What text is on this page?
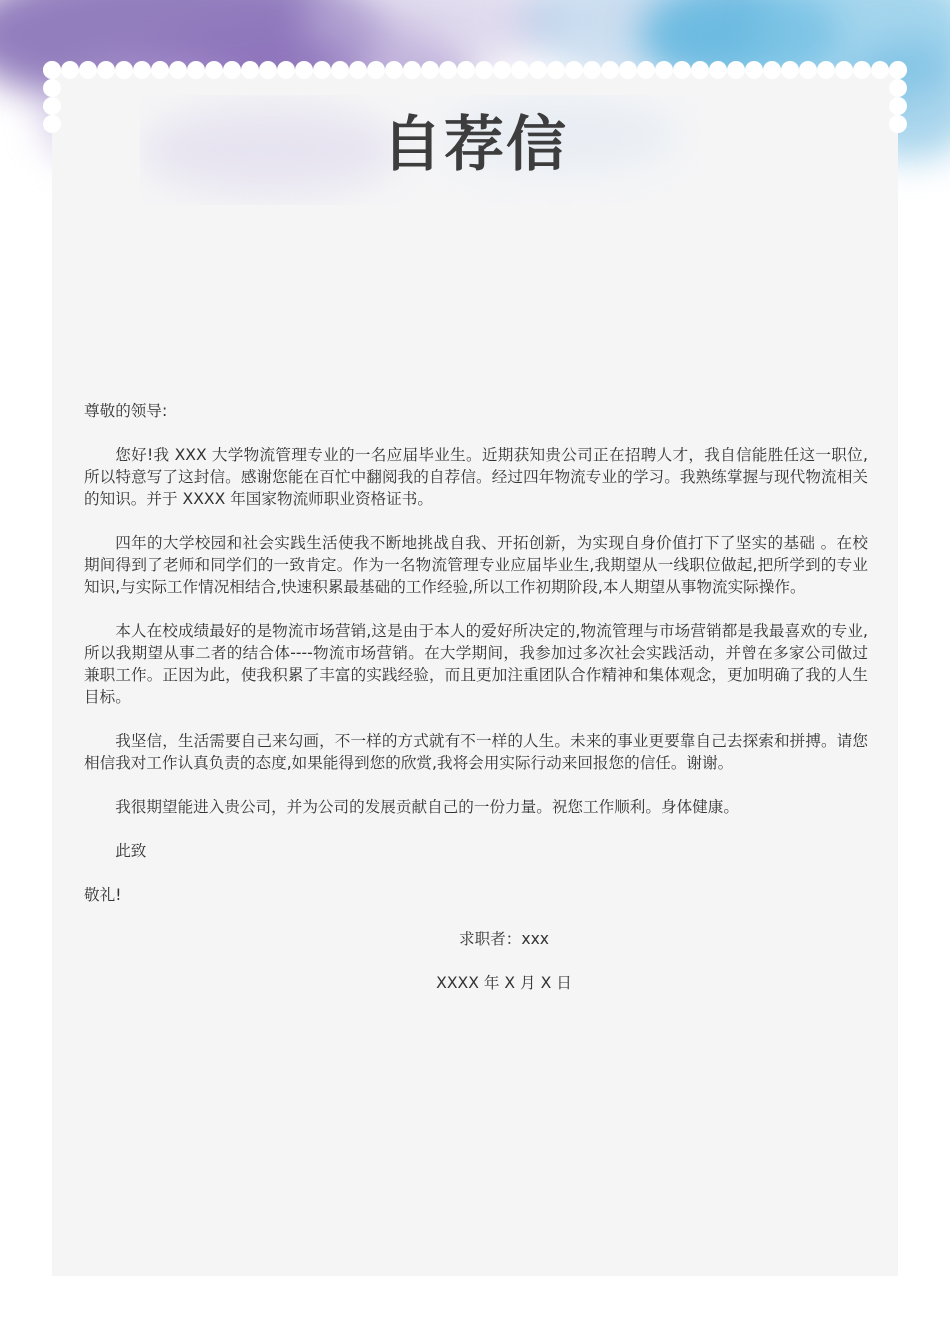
自荐信

尊敬的领导:

您好!我 XXX 大学物流管理专业的一名应届毕业生。近期获知贵公司正在招聘人才，我自信能胜任这一职位,所以特意写了这封信。感谢您能在百忙中翻阅我的自荐信。经过四年物流专业的学习。我熟练掌握与现代物流相关的知识。并于 XXXX 年国家物流师职业资格证书。

四年的大学校园和社会实践生活使我不断地挑战自我、开拓创新，为实现自身价值打下了坚实的基础 。在校期间得到了老师和同学们的一致肯定。作为一名物流管理专业应届毕业生,我期望从一线职位做起,把所学到的专业知识,与实际工作情况相结合,快速积累最基础的工作经验,所以工作初期阶段,本人期望从事物流实际操作。

本人在校成绩最好的是物流市场营销,这是由于本人的爱好所决定的,物流管理与市场营销都是我最喜欢的专业,所以我期望从事二者的结合体----物流市场营销。在大学期间，我参加过多次社会实践活动，并曾在多家公司做过兼职工作。正因为此，使我积累了丰富的实践经验，而且更加注重团队合作精神和集体观念，更加明确了我的人生目标。

我坚信，生活需要自己来勾画，不一样的方式就有不一样的人生。未来的事业更要靠自己去探索和拼搏。请您相信我对工作认真负责的态度,如果能得到您的欣赏,我将会用实际行动来回报您的信任。谢谢。

我很期望能进入贵公司，并为公司的发展贡献自己的一份力量。祝您工作顺利。身体健康。

此致

敬礼!

求职者：xxx

XXXX 年 X 月 X 日
